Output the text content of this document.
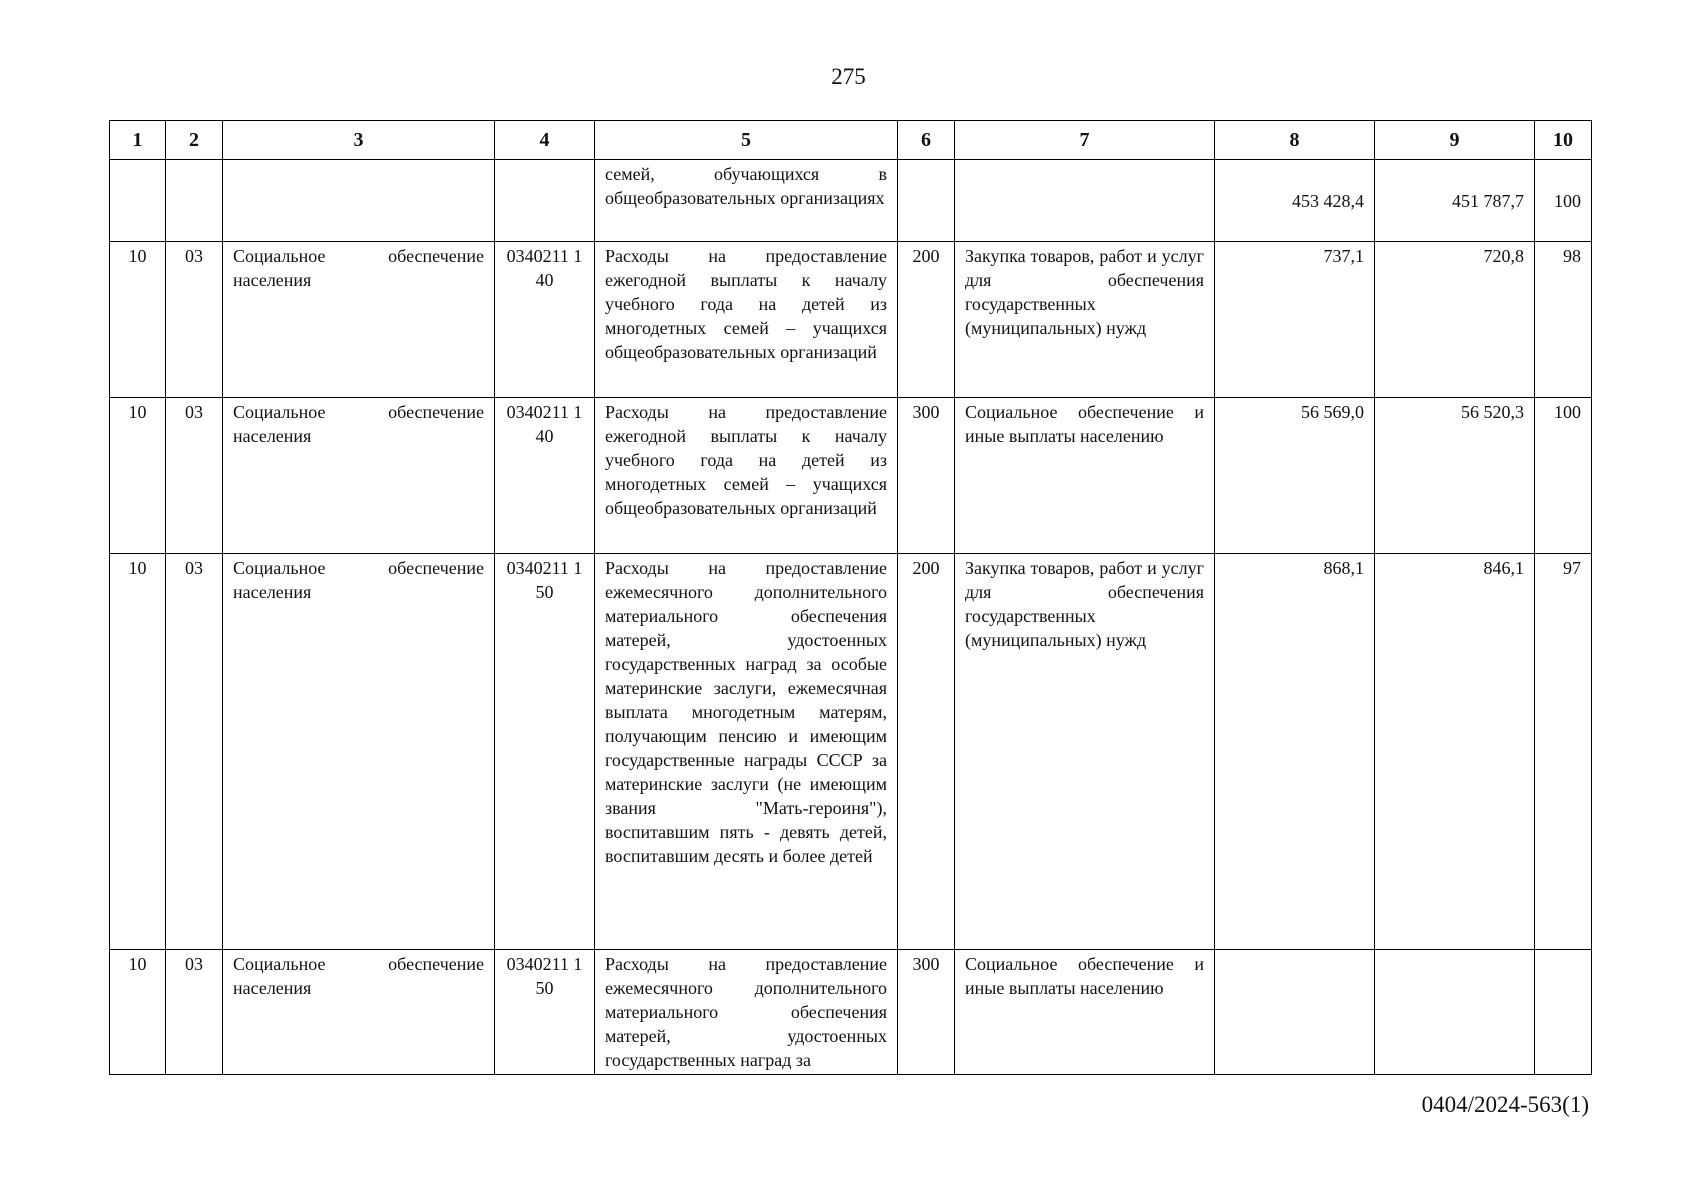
275
1	2	3	4	5	6	7	8	9	10
				семей, обучающихся в общеобразовательных организациях			453 428,4	451 787,7	100
10	03	Социальное обеспечение населения	0340211 140	Расходы на предоставление ежегодной выплаты к началу учебного года на детей из многодетных семей – учащихся общеобразовательных организаций	200	Закупка товаров, работ и услуг для обеспечения государственных (муниципальных) нужд	737,1	720,8	98
10	03	Социальное обеспечение населения	0340211 140	Расходы на предоставление ежегодной выплаты к началу учебного года на детей из многодетных семей – учащихся общеобразовательных организаций	300	Социальное обеспечение и иные выплаты населению	56 569,0	56 520,3	100
10	03	Социальное обеспечение населения	0340211 150	Расходы на предоставление ежемесячного дополнительного материального обеспечения матерей, удостоенных государственных наград за особые материнские заслуги, ежемесячная выплата многодетным матерям, получающим пенсию и имеющим государственные награды СССР за материнские заслуги (не имеющим звания "Мать-героиня"), воспитавшим пять - девять детей, воспитавшим десять и более детей	200	Закупка товаров, работ и услуг для обеспечения государственных (муниципальных) нужд	868,1	846,1	97
10	03	Социальное обеспечение населения	0340211 150	Расходы на предоставление ежемесячного дополнительного материального обеспечения матерей, удостоенных государственных наград за	300	Социальное обеспечение и иные выплаты населению			
0404/2024-563(1)
